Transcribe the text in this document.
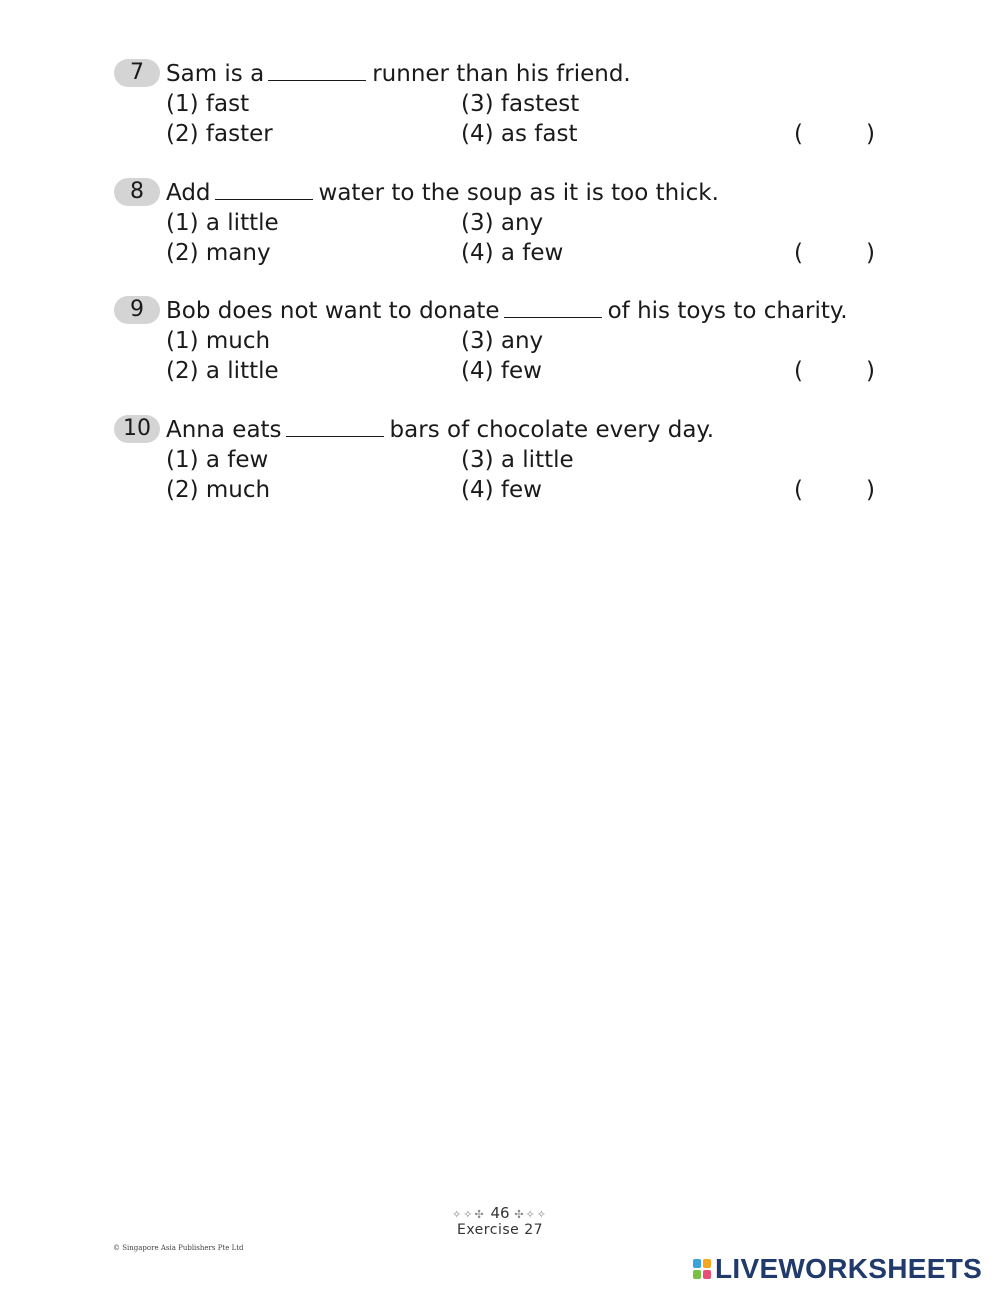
7 Sam is a	runner than his friend.
(1) fast	(3) fastest
(2) faster	(4) as fast	(	)
8 Add	water to the soup as it is too thick.
(1) a little	(3) any
(2) many	(4) a few	(	)
9 Bob does not want to donate	of his toys to charity.
(1) much	(3) any
(2) a little	(4) few	(	)
10 Anna eats	bars of chocolate every day.
(1) a few	(3) a little
(2) much	(4) few	(	)
✧✧✣ 46 ✣✧✧
Exercise 27
© Singapore Asia Publishers Pte Ltd
LIVEWORKSHEETS
